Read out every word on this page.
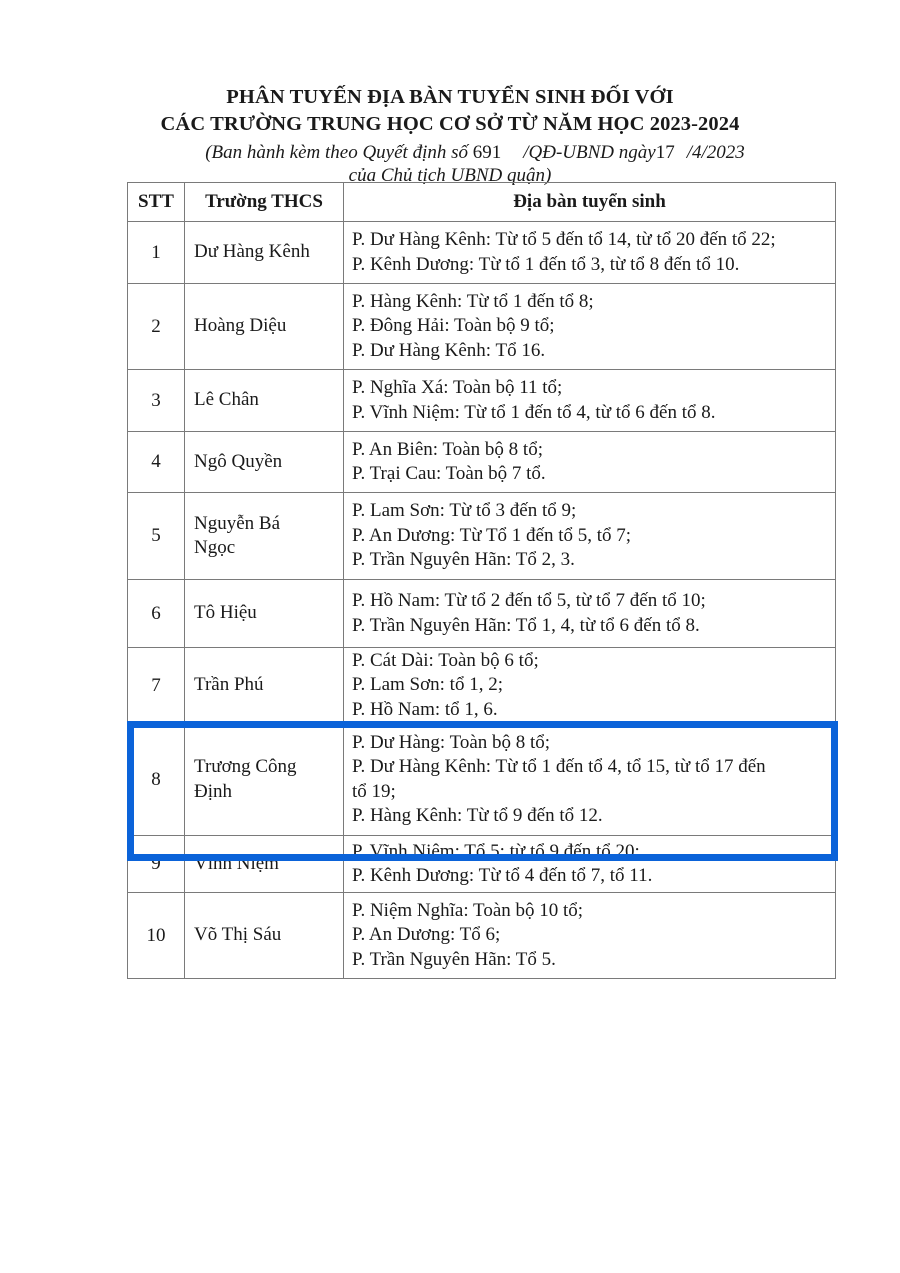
PHÂN TUYẾN ĐỊA BÀN TUYỂN SINH ĐỐI VỚI
CÁC TRƯỜNG TRUNG HỌC CƠ SỞ TỪ NĂM HỌC 2023-2024
(Ban hành kèm theo Quyết định số 691 /QĐ-UBND ngày17 /4/2023
của Chủ tịch UBND quận)
STT	Trường THCS	Địa bàn tuyển sinh
1	Dư Hàng Kênh	P. Dư Hàng Kênh: Từ tổ 5 đến tổ 14, từ tổ 20 đến tổ 22;
P. Kênh Dương: Từ tổ 1 đến tổ 3, từ tổ 8 đến tổ 10.

2	Hoàng Diệu	P. Hàng Kênh: Từ tổ 1 đến tổ 8;
P. Đông Hải: Toàn bộ 9 tổ;
P. Dư Hàng Kênh: Tổ 16.

3	Lê Chân	P. Nghĩa Xá: Toàn bộ 11 tổ;
P. Vĩnh Niệm: Từ tổ 1 đến tổ 4, từ tổ 6 đến tổ 8.

4	Ngô Quyền	P. An Biên: Toàn bộ 8 tổ;
P. Trại Cau: Toàn bộ 7 tổ.

5	Nguyễn Bá
Ngọc	P. Lam Sơn: Từ tổ 3 đến tổ 9;
P. An Dương: Từ Tổ 1 đến tổ 5, tổ 7;
P. Trần Nguyên Hãn: Tổ 2, 3.

6	Tô Hiệu	P. Hồ Nam: Từ tổ 2 đến tổ 5, từ tổ 7 đến tổ 10;
P. Trần Nguyên Hãn: Tổ 1, 4, từ tổ 6 đến tổ 8.

7	Trần Phú	P. Cát Dài: Toàn bộ 6 tổ;
P. Lam Sơn: tổ 1, 2;
P. Hồ Nam: tổ 1, 6.

8	Trương Công
Định	P. Dư Hàng: Toàn bộ 8 tổ;
P. Dư Hàng Kênh: Từ tổ 1 đến tổ 4, tổ 15, từ tổ 17 đến
tổ 19;
P. Hàng Kênh: Từ tổ 9 đến tổ 12.

9	Vĩnh Niệm	P. Vĩnh Niệm: Tổ 5; từ tổ 9 đến tổ 20;
P. Kênh Dương: Từ tổ 4 đến tổ 7, tổ 11.

10	Võ Thị Sáu	P. Niệm Nghĩa: Toàn bộ 10 tổ;
P. An Dương: Tổ 6;
P. Trần Nguyên Hãn: Tổ 5.
